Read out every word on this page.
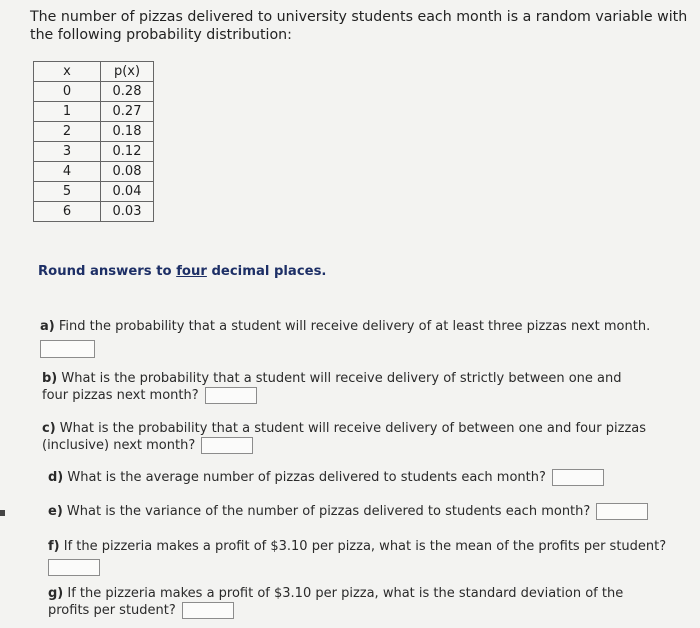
The number of pizzas delivered to university students each month is a random variable with the following probability distribution:
x	p(x)
0	0.28
1	0.27
2	0.18
3	0.12
4	0.08
5	0.04
6	0.03
Round answers to four decimal places.
a) Find the probability that a student will receive delivery of at least three pizzas next month.
b) What is the probability that a student will receive delivery of strictly between one and four pizzas next month?
c) What is the probability that a student will receive delivery of between one and four pizzas (inclusive) next month?
d) What is the average number of pizzas delivered to students each month?
e) What is the variance of the number of pizzas delivered to students each month?
f) If the pizzeria makes a profit of $3.10 per pizza, what is the mean of the profits per student?
g) If the pizzeria makes a profit of $3.10 per pizza, what is the standard deviation of the profits per student?
